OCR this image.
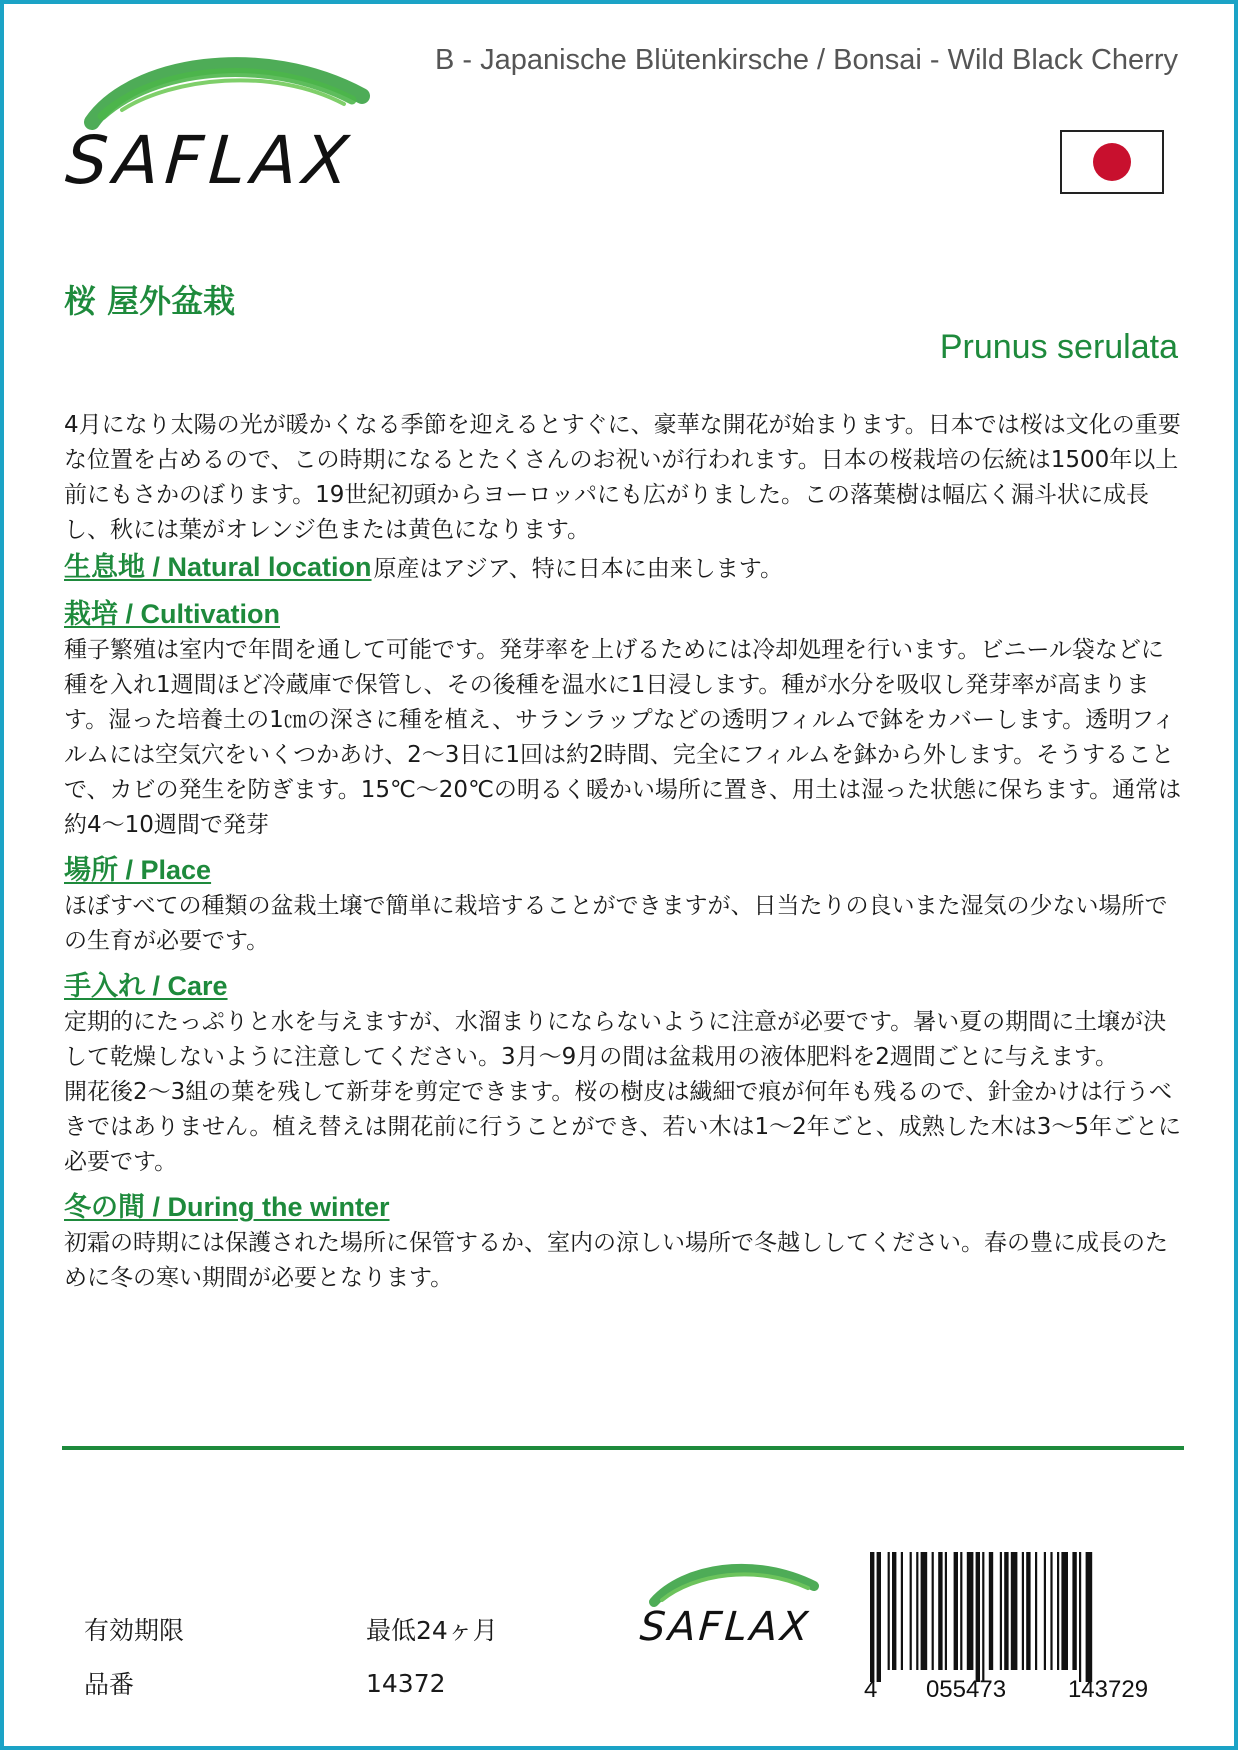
SAFLAX
B - Japanische Blütenkirsche / Bonsai - Wild Black Cherry
桜 屋外盆栽
Prunus serulata

4月になり太陽の光が暖かくなる季節を迎えるとすぐに、豪華な開花が始まります。日本では桜は文化の重要な位置を占めるので、この時期になるとたくさんのお祝いが行われます。日本の桜栽培の伝統は1500年以上前にもさかのぼります。19世紀初頭からヨーロッパにも広がりました。この落葉樹は幅広く漏斗状に成長し、秋には葉がオレンジ色または黄色になります。

生息地 / Natural location原産はアジア、特に日本に由来します。
栽培 / Cultivation

種子繁殖は室内で年間を通して可能です。発芽率を上げるためには冷却処理を行います。ビニール袋などに種を入れ1週間ほど冷蔵庫で保管し、その後種を温水に1日浸します。種が水分を吸収し発芽率が高まります。湿った培養土の1㎝の深さに種を植え、サランラップなどの透明フィルムで鉢をカバーします。透明フィルムには空気穴をいくつかあけ、2～3日に1回は約2時間、完全にフィルムを鉢から外します。そうすることで、カビの発生を防ぎます。15℃〜20℃の明るく暖かい場所に置き、用土は湿った状態に保ちます。通常は約4～10週間で発芽

場所 / Place

ほぼすべての種類の盆栽土壌で簡単に栽培することができますが、日当たりの良いまた湿気の少ない場所での生育が必要です。

手入れ / Care

定期的にたっぷりと水を与えますが、水溜まりにならないように注意が必要です。暑い夏の期間に土壌が決して乾燥しないように注意してください。3月～9月の間は盆栽用の液体肥料を2週間ごとに与えます。

開花後2～3組の葉を残して新芽を剪定できます。桜の樹皮は繊細で痕が何年も残るので、針金かけは行うべきではありません。植え替えは開花前に行うことができ、若い木は1～2年ごと、成熟した木は3～5年ごとに必要です。

冬の間 / During the winter

初霜の時期には保護された場所に保管するか、室内の涼しい場所で冬越ししてください。春の豊に成長のために冬の寒い期間が必要となります。

有効期限	最低24ヶ月
品番	14372
SAFLAX
4	055473	143729
